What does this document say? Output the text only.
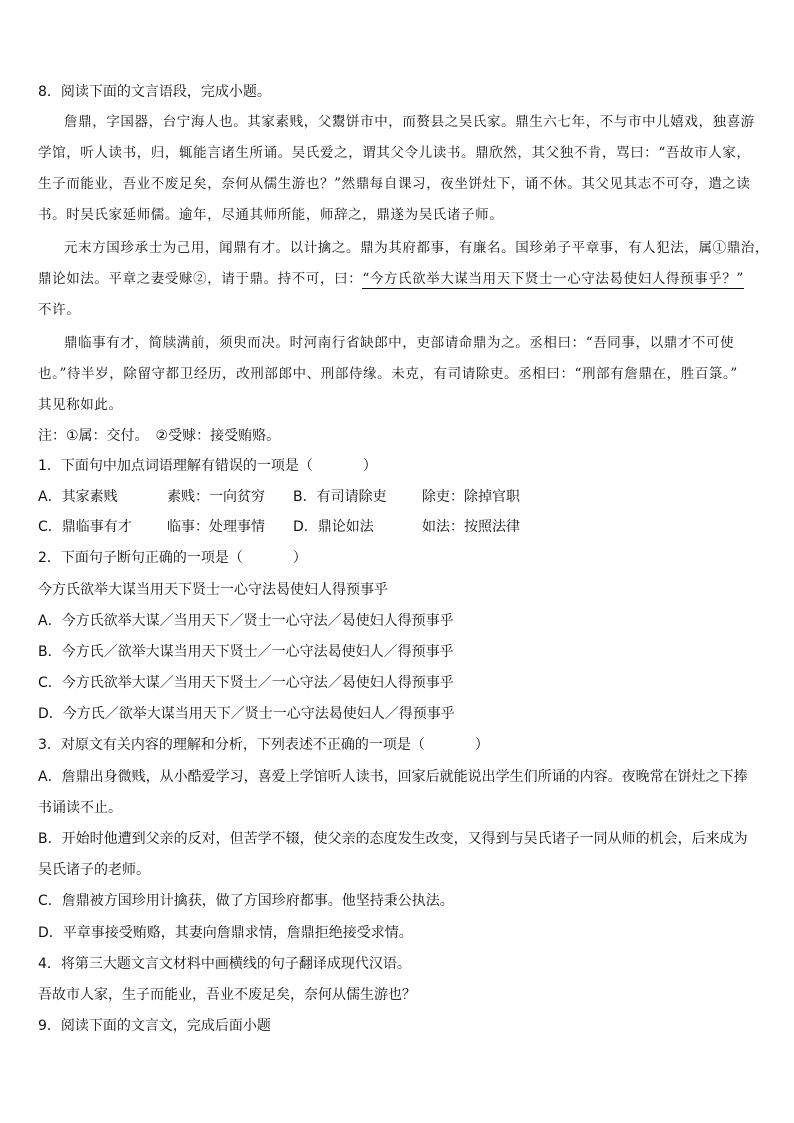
8．阅读下面的文言语段，完成小题。
詹鼎，字国器，台宁海人也。其家素贱，父鬻饼市中，而赘县之吴氏家。鼎生六七年，不与市中儿嬉戏，独喜游
学馆，听人读书，归，辄能言诸生所诵。吴氏爱之，谓其父令儿读书。鼎欣然，其父独不肯，骂曰：“吾故市人家，
生子而能业，吾业不废足矣，奈何从儒生游也？”然鼎每自课习，夜坐饼灶下，诵不休。其父见其志不可夺，遣之读
书。时吴氏家延师儒。逾年，尽通其师所能，师辞之，鼎遂为吴氏诸子师。
元末方国珍承士为己用，闻鼎有才。以计擒之。鼎为其府都事，有廉名。国珍弟子平章事，有人犯法，属①鼎治，
鼎论如法。平章之妻受赇②，请于鼎。持不可，曰：“今方氏欲举大谋当用天下贤士一心守法曷使妇人得预事乎？”
不许。
鼎临事有才，简牍满前，须臾而决。时河南行省缺郎中，吏部请命鼎为之。丞相曰：“吾同事，以鼎才不可使
也。”待半岁，除留守都卫经历，改刑部郎中、刑部侍缘。未克，有司请除吏。丞相曰：“刑部有詹鼎在，胜百箓。”
其见称如此。
注：①属：交付。　②受赇：接受贿赂。
1．下面句中加点词语理解有错误的一项是（	）
A．其家素贱	素贱：一向贫穷 B．有司请除吏	除吏：除掉官职
C．鼎临事有才	临事：处理事情 D．鼎论如法	如法：按照法律
2．下面句子断句正确的一项是（	）
今方氏欲举大谋当用天下贤士一心守法曷使妇人得预事乎
A．今方氏欲举大谋／当用天下／贤士一心守法／曷使妇人得预事乎
B．今方氏／欲举大谋当用天下贤士／一心守法曷使妇人／得预事乎
C．今方氏欲举大谋／当用天下贤士／一心守法／曷使妇人得预事乎
D．今方氏／欲举大谋当用天下／贤士一心守法曷使妇人／得预事乎
3．对原文有关内容的理解和分析，下列表述不正确的一项是（	）
A．詹鼎出身微贱，从小酷爱学习，喜爱上学馆听人读书，回家后就能说出学生们所诵的内容。夜晚常在饼灶之下捧
书诵读不止。
B．开始时他遭到父亲的反对，但苦学不辍，使父亲的态度发生改变，又得到与吴氏诸子一同从师的机会，后来成为
吴氏诸子的老师。
C．詹鼎被方国珍用计擒获，做了方国珍府都事。他坚持秉公执法。
D．平章事接受贿赂，其妻向詹鼎求情，詹鼎拒绝接受求情。
4．将第三大题文言文材料中画横线的句子翻译成现代汉语。
吾故市人家，生子而能业，吾业不废足矣，奈何从儒生游也？
9．阅读下面的文言文，完成后面小题
